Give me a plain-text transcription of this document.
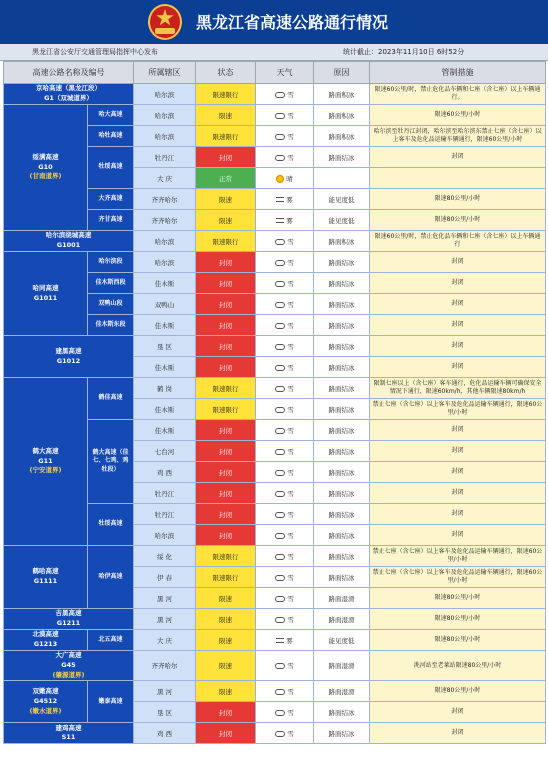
黑龙江省高速公路通行情况
黑龙江省公安厅交通管理局指挥中心发布	统计截止：2023年11月10日 6时52分
高速公路名称及编号		所属辖区	状态	天气	原因	管制措施

京哈高速（黑龙江段）
G1（双城道界）		哈尔滨	限速限行	雪	路面积冰	限速60公里/时，禁止危化品车辆和七座（含七座）以上车辆通行。

绥满高速
G10
(甘南道界)	哈大高速	哈尔滨	限速	雪	路面积冰	限速60公里/小时
	哈牡高速	哈尔滨	限速限行	雪	路面积冰	哈尔滨至牡丹江封闭，哈尔滨至哈尔滨东禁止七座（含七座）以上客车及危化品运输车辆通行，限速60公里/小时
	牡绥高速	牡丹江	封闭	雪	路面结冰	封闭
		大 庆	正常	晴		
	大齐高速	齐齐哈尔	限速	雾	能见度低	限速80公里/小时
	齐甘高速	齐齐哈尔	限速	雾	能见度低	限速80公里/小时

哈尔滨绕城高速
G1001		哈尔滨	限速限行	雪	路面积冰	限速60公里/时，禁止危化品车辆和七座（含七座）以上车辆通行

哈同高速
G1011	哈尔滨段	哈尔滨	封闭	雪	路面结冰	封闭
	佳木斯西段	佳木斯	封闭	雪	路面结冰	封闭
	双鸭山段	双鸭山	封闭	雪	路面结冰	封闭
	佳木斯东段	佳木斯	封闭	雪	路面结冰	封闭

建黑高速
G1012		垦 区	封闭	雪	路面结冰	封闭
		佳木斯	封闭	雪	路面结冰	封闭

鹤大高速
G11
(宁安道界)	鹤佳高速	鹤 岗	限速限行	雪	路面结冰	限制七座以上（含七座）客车通行，危化品运输车辆可确保安全情况下通行，限速60km/h，其他车辆限速80km/h
		佳木斯	限速限行	雪	路面结冰	禁止七座（含七座）以上客车及危化品运输车辆通行，限速60公里/小时
	鹤大高速（佳七、七鸡、鸡牡段）	佳木斯	封闭	雪	路面结冰	封闭
		七台河	封闭	雪	路面结冰	封闭
		鸡 西	封闭	雪	路面结冰	封闭
		牡丹江	封闭	雪	路面结冰	封闭
	牡绥高速	牡丹江	封闭	雪	路面结冰	封闭
		哈尔滨	封闭	雪	路面结冰	封闭

鹤哈高速
G1111	哈伊高速	绥 化	限速限行	雪	路面结冰	禁止七座（含七座）以上客车及危化品运输车辆通行，限速60公里/小时
		伊 春	限速限行	雪	路面结冰	禁止七座（含七座）以上客车及危化品运输车辆通行，限速60公里/小时
		黑 河	限速	雪	路面湿滑	限速80公里/小时

吉黑高速
G1211		黑 河	限速	雪	路面湿滑	限速80公里/小时

北漠高速
G1213	北五高速	大 庆	限速	雾	能见度低	限速80公里/小时

大广高速
G45
(肇源道界)		齐齐哈尔	限速	雪	路面湿滑	洮河站至老莱站限速80公里/小时

双嫩高速
G4512
(嫩水道界)	嫩泰高速	黑 河	限速	雪	路面湿滑	限速80公里/小时
		垦 区	封闭	雪	路面结冰	封闭

建鸡高速
S11		鸡 西	封闭	雪	路面结冰	封闭
